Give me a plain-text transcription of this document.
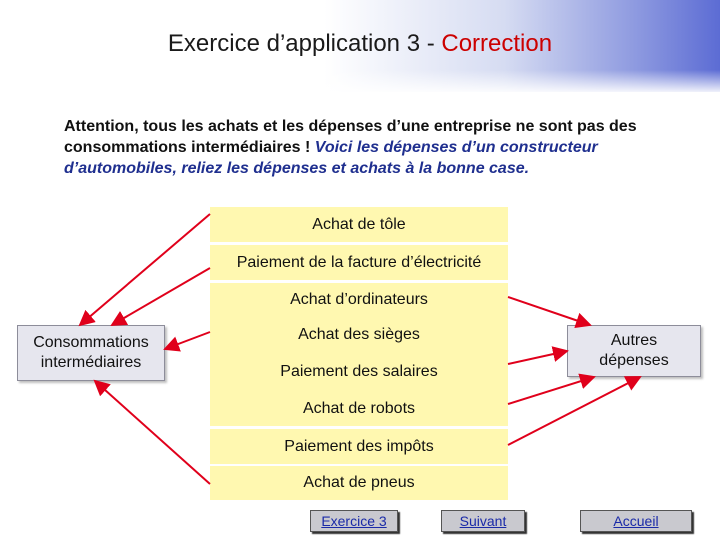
Exercice d’application 3 - Correction
Attention, tous les achats et les dépenses d’une entreprise ne sont pas des consommations intermédiaires ! Voici les dépenses d’un constructeur d’automobiles, reliez les dépenses et achats à la bonne case.
Achat de tôle
Paiement de la facture d’électricité
Achat d’ordinateurs
Achat des sièges
Paiement des salaires
Achat de robots
Paiement des impôts
Achat de pneus
Consommations intermédiaires
Autres dépenses
Exercice 3	Suivant	Accueil
